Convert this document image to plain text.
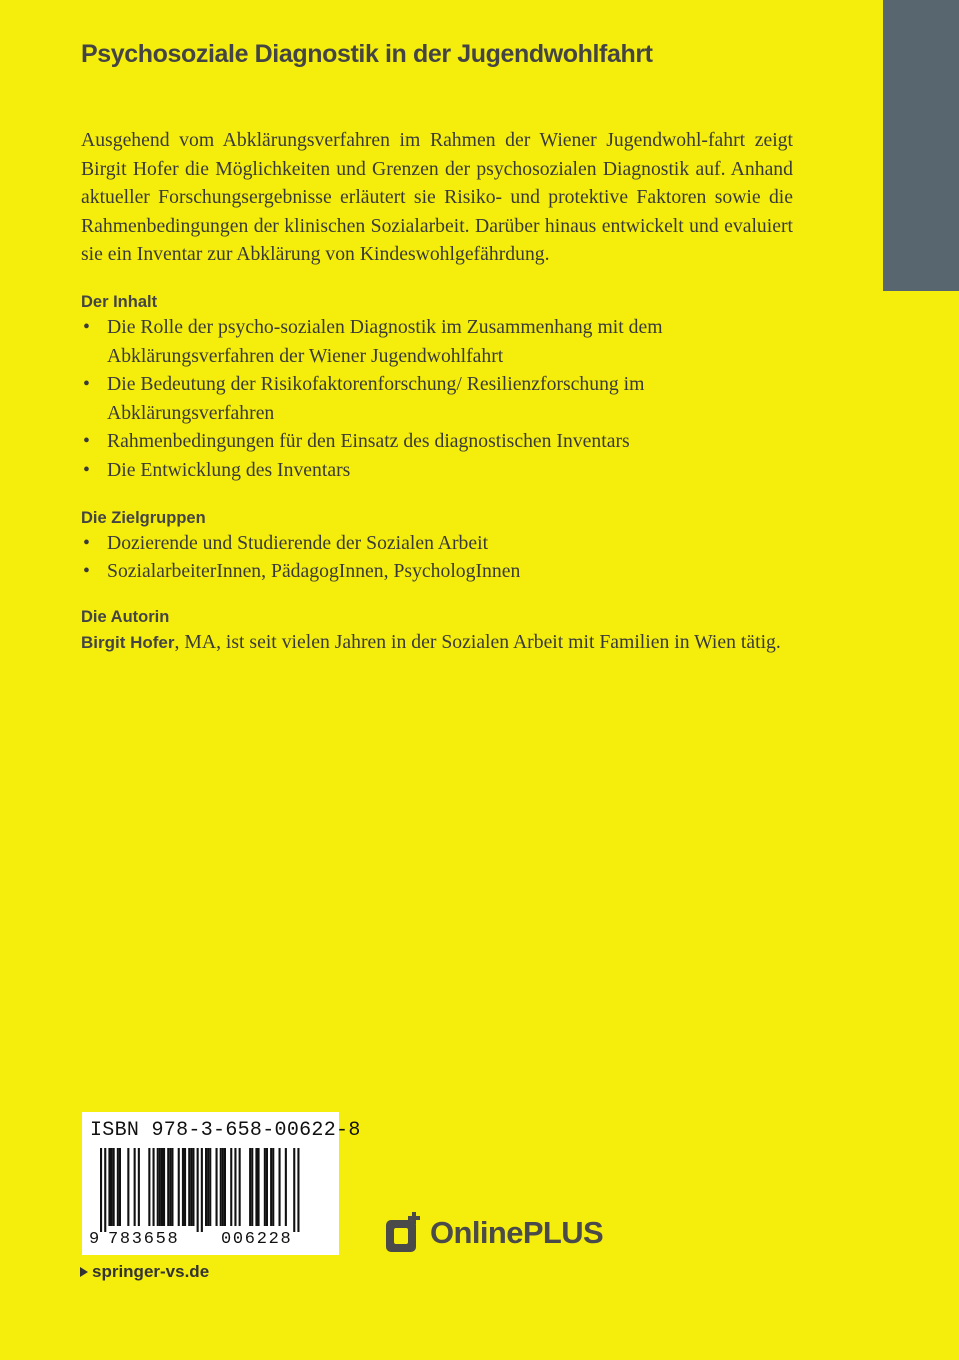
Psychosoziale Diagnostik in der Jugendwohlfahrt

Ausgehend vom Abklärungsverfahren im Rahmen der Wiener Jugendwohl-fahrt zeigt Birgit Hofer die Möglichkeiten und Grenzen der psychosozialen Diagnostik auf. Anhand aktueller Forschungsergebnisse erläutert sie Risiko- und protektive Faktoren sowie die Rahmenbedingungen der klinischen Sozialarbeit. Darüber hinaus entwickelt und evaluiert sie ein Inventar zur Abklärung von Kindeswohlgefährdung.

Der Inhalt

• Die Rolle der psycho-sozialen Diagnostik im Zusammenhang mit dem Abklärungsverfahren der Wiener Jugendwohlfahrt
• Die Bedeutung der Risikofaktorenforschung/ Resilienzforschung im Abklärungsverfahren
• Rahmenbedingungen für den Einsatz des diagnostischen Inventars
• Die Entwicklung des Inventars

Die Zielgruppen

• Dozierende und Studierende der Sozialen Arbeit
• SozialarbeiterInnen, PädagogInnen, PsychologInnen

Die Autorin

Birgit Hofer, MA, ist seit vielen Jahren in der Sozialen Arbeit mit Familien in Wien tätig.

ISBN 978-3-658-00622-8
9 783658 006228
springer-vs.de
OnlinePLUS
